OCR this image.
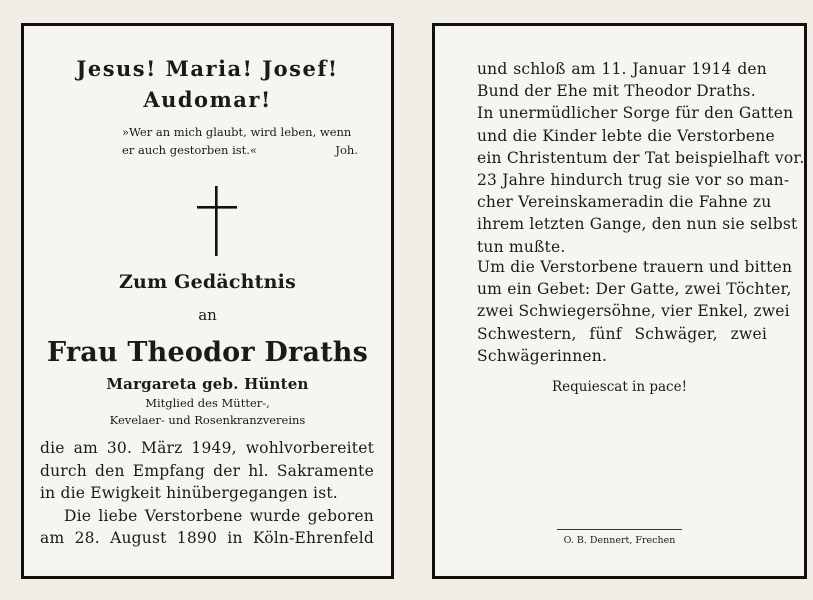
Jesus! Maria! Josef!
Audomar!
»Wer an mich glaubt, wird leben, wenn
er auch gestorben ist.«	Joh.
Zum Gedächtnis
an
Frau Theodor Draths
Margareta geb. Hünten
Mitglied des Mütter-,
Kevelaer- und Rosenkranzvereins
die am 30. März 1949, wohlvorbereitet
durch den Empfang der hl. Sakramente
in die Ewigkeit hinübergegangen ist.
Die liebe Verstorbene wurde geboren
am 28. August 1890 in Köln-Ehrenfeld
und schloß am 11. Januar 1914 den
Bund der Ehe mit Theodor Draths.
In unermüdlicher Sorge für den Gatten
und die Kinder lebte die Verstorbene
ein Christentum der Tat beispielhaft vor.
23 Jahre hindurch trug sie vor so man-
cher Vereinskameradin die Fahne zu
ihrem letzten Gange, den nun sie selbst
tun mußte.
Um die Verstorbene trauern und bitten
um ein Gebet: Der Gatte, zwei Töchter,
zwei Schwiegersöhne, vier Enkel, zwei
Schwestern, fünf Schwäger, zwei
Schwägerinnen.
Requiescat in pace!
O. B. Dennert, Frechen
